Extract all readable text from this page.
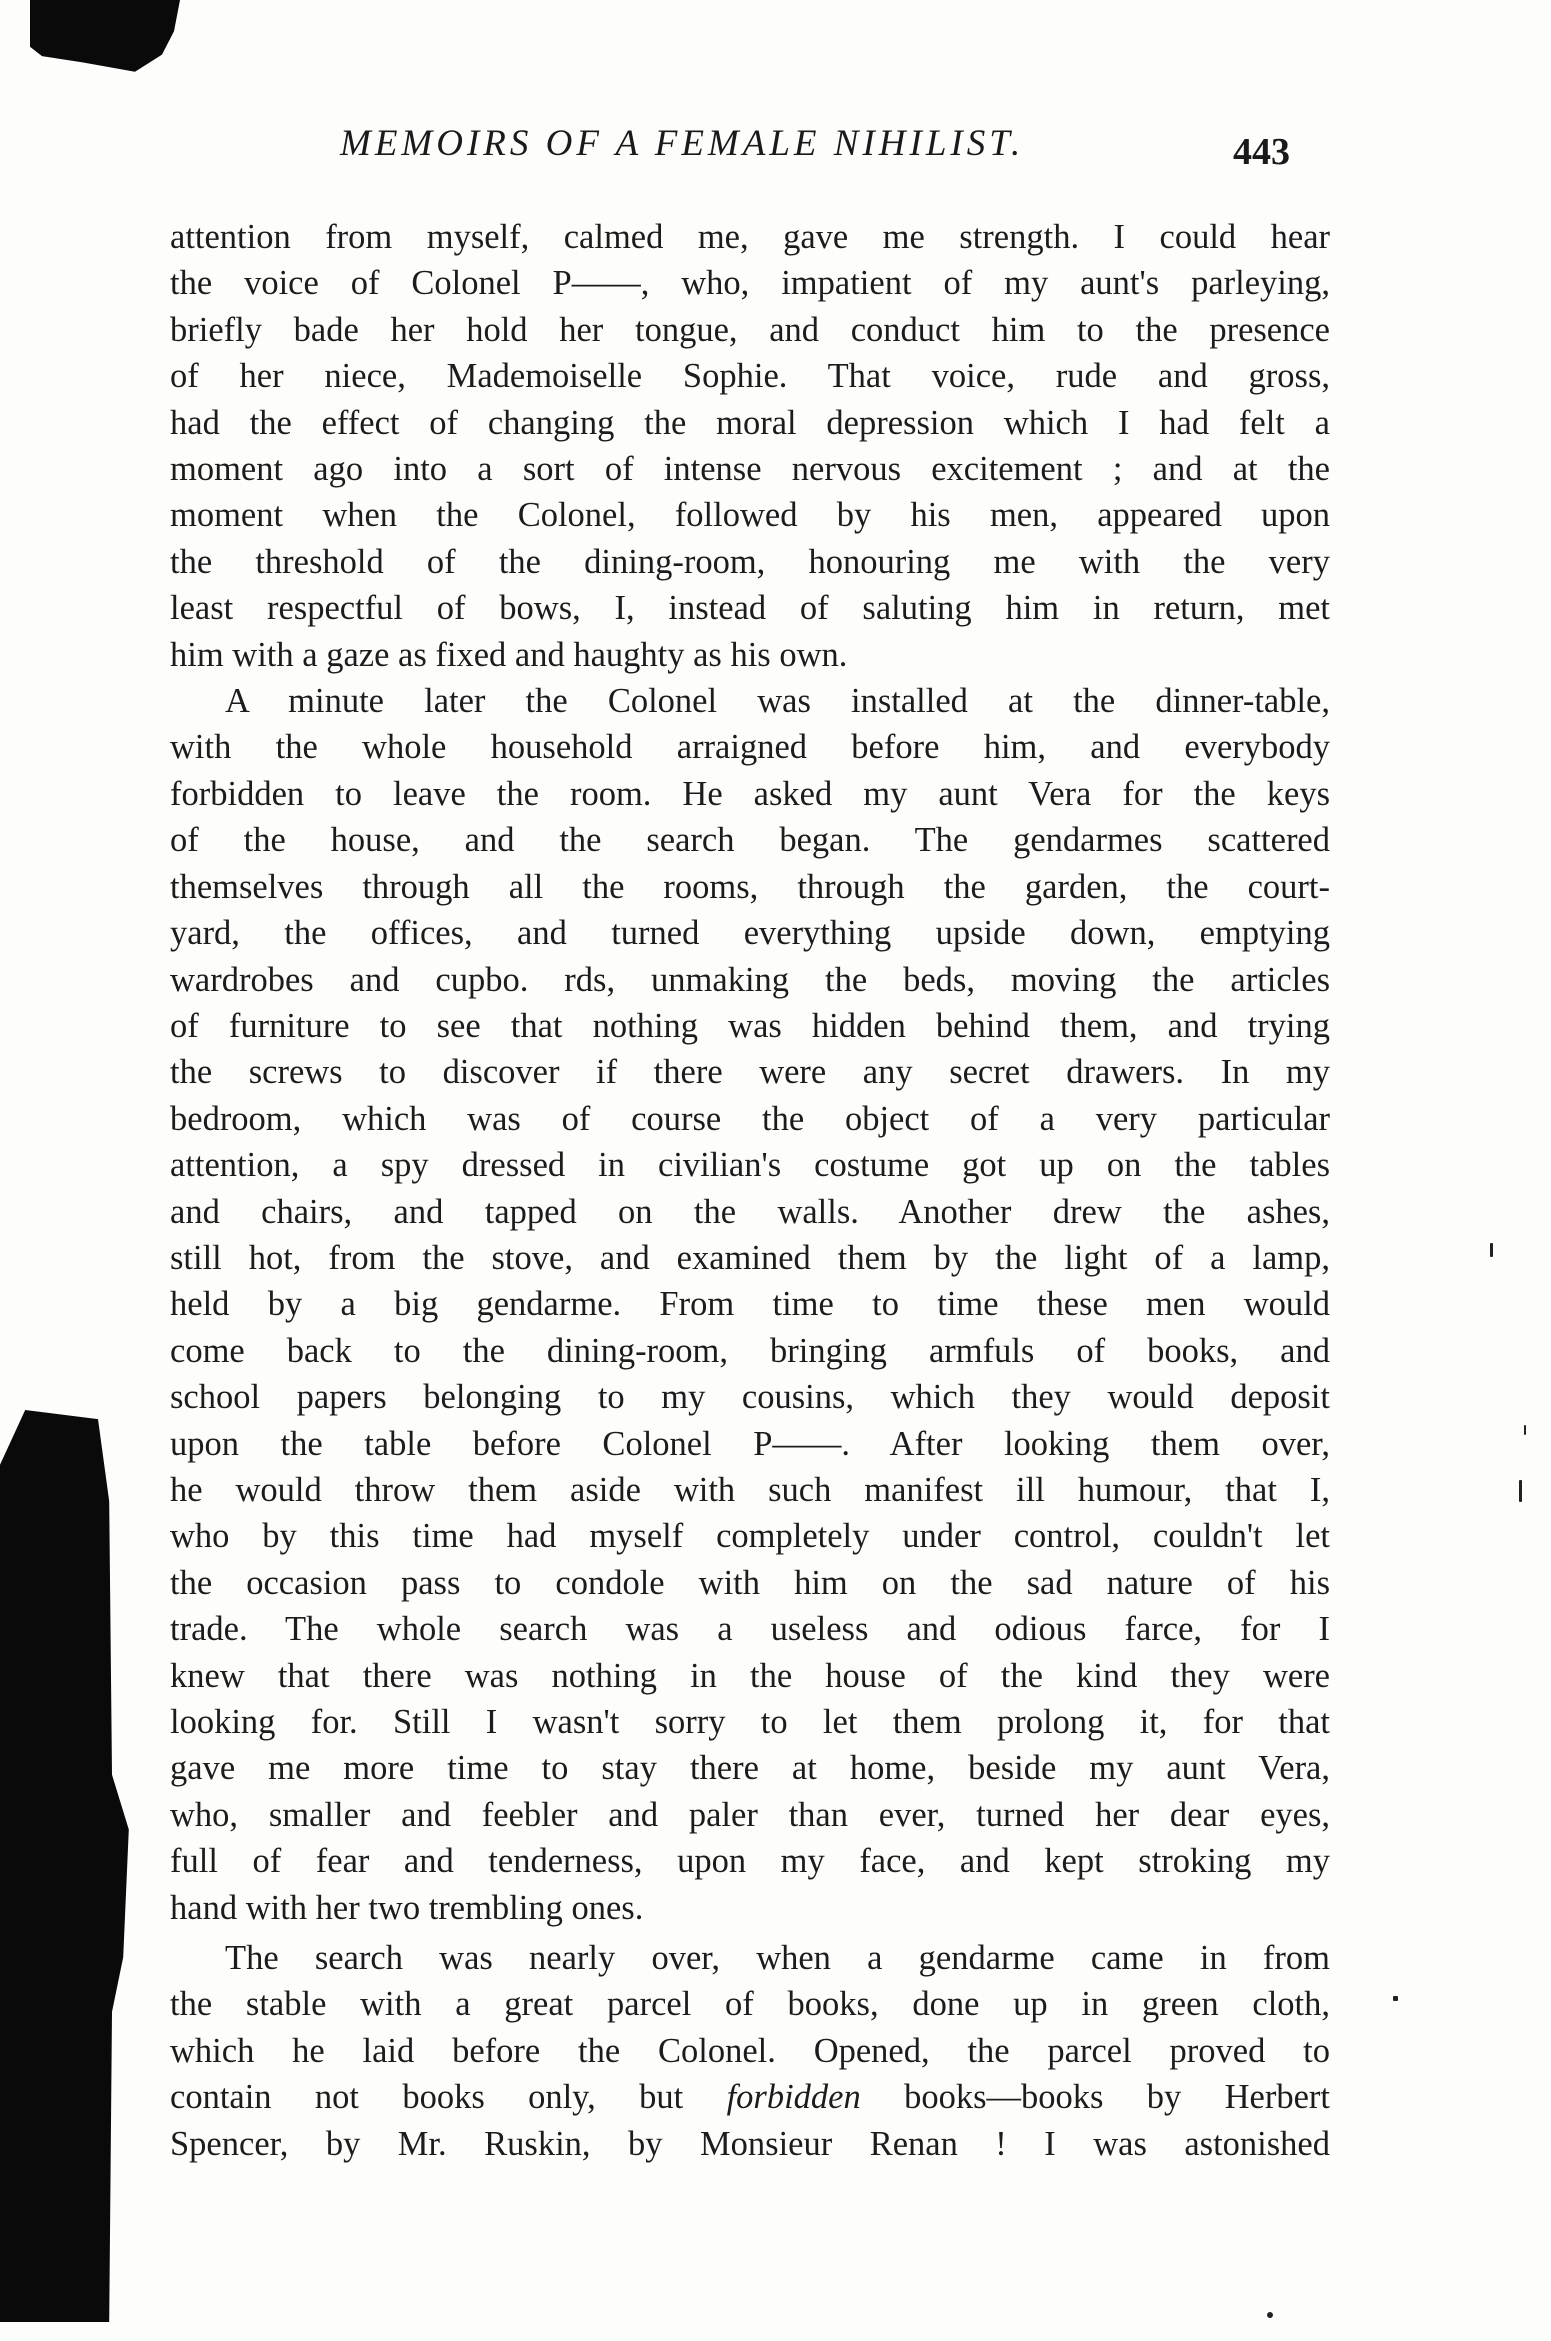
MEMOIRS OF A FEMALE NIHILIST.	443
attention from myself, calmed me, gave me strength. I could hear
the voice of Colonel P——, who, impatient of my aunt's parleying,
briefly bade her hold her tongue, and conduct him to the presence
of her niece, Mademoiselle Sophie. That voice, rude and gross,
had the effect of changing the moral depression which I had felt a
moment ago into a sort of intense nervous excitement ; and at the
moment when the Colonel, followed by his men, appeared upon
the threshold of the dining-room, honouring me with the very
least respectful of bows, I, instead of saluting him in return, met
him with a gaze as fixed and haughty as his own.
A minute later the Colonel was installed at the dinner-table,
with the whole household arraigned before him, and everybody
forbidden to leave the room. He asked my aunt Vera for the keys
of the house, and the search began. The gendarmes scattered
themselves through all the rooms, through the garden, the court-
yard, the offices, and turned everything upside down, emptying
wardrobes and cupbo. rds, unmaking the beds, moving the articles
of furniture to see that nothing was hidden behind them, and trying
the screws to discover if there were any secret drawers. In my
bedroom, which was of course the object of a very particular
attention, a spy dressed in civilian's costume got up on the tables
and chairs, and tapped on the walls. Another drew the ashes,
still hot, from the stove, and examined them by the light of a lamp,
held by a big gendarme. From time to time these men would
come back to the dining-room, bringing armfuls of books, and
school papers belonging to my cousins, which they would deposit
upon the table before Colonel P——. After looking them over,
he would throw them aside with such manifest ill humour, that I,
who by this time had myself completely under control, couldn't let
the occasion pass to condole with him on the sad nature of his
trade. The whole search was a useless and odious farce, for I
knew that there was nothing in the house of the kind they were
looking for. Still I wasn't sorry to let them prolong it, for that
gave me more time to stay there at home, beside my aunt Vera,
who, smaller and feebler and paler than ever, turned her dear eyes,
full of fear and tenderness, upon my face, and kept stroking my
hand with her two trembling ones.
The search was nearly over, when a gendarme came in from
the stable with a great parcel of books, done up in green cloth,
which he laid before the Colonel. Opened, the parcel proved to
contain not books only, but forbidden books—books by Herbert
Spencer, by Mr. Ruskin, by Monsieur Renan ! I was astonished
